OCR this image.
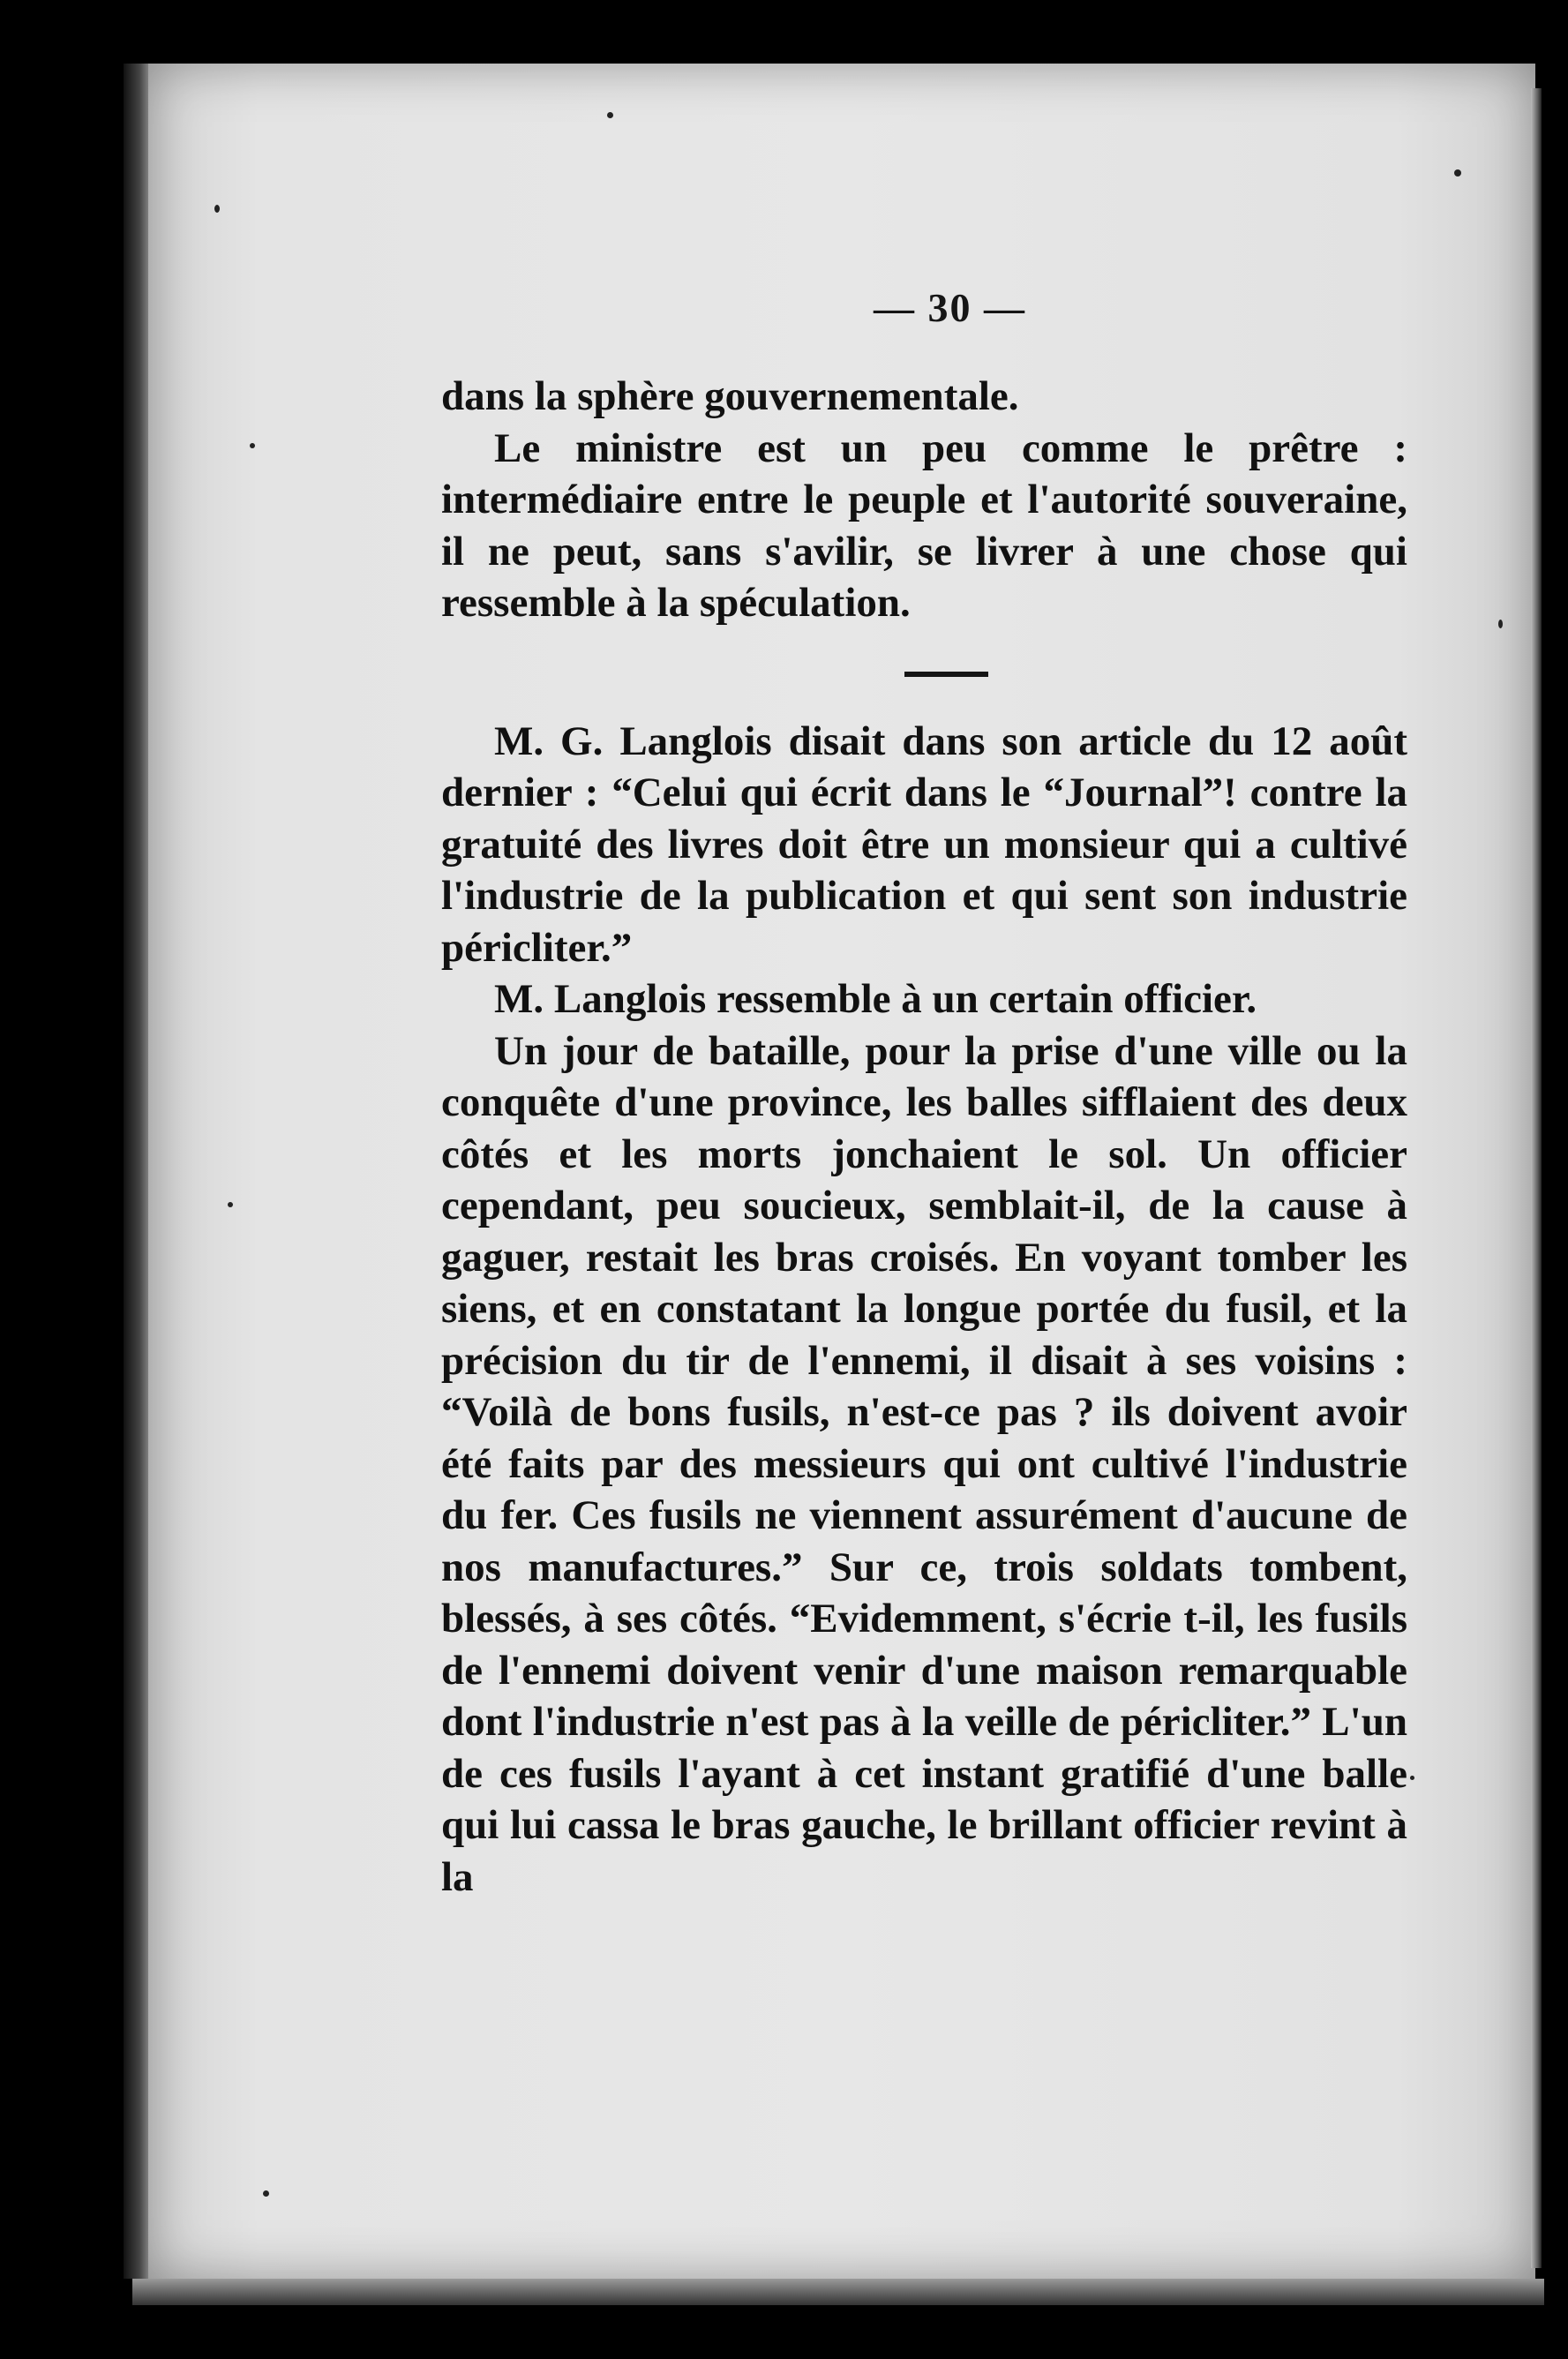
— 30 —

dans la sphère gouvernementale.

Le ministre est un peu comme le prêtre : intermédiaire entre le peuple et l'autorité souveraine, il ne peut, sans s'avilir, se livrer à une chose qui ressemble à la spéculation.

M. G. Langlois disait dans son article du 12 août dernier : “Celui qui écrit dans le “Journal”! contre la gratuité des livres doit être un monsieur qui a cultivé l'industrie de la publication et qui sent son industrie péricliter.”

M. Langlois ressemble à un certain officier.

Un jour de bataille, pour la prise d'une ville ou la conquête d'une province, les balles sifflaient des deux côtés et les morts jonchaient le sol. Un officier cependant, peu soucieux, semblait-il, de la cause à gaguer, restait les bras croisés. En voyant tomber les siens, et en constatant la longue portée du fusil, et la précision du tir de l'ennemi, il disait à ses voisins : “Voilà de bons fusils, n'est-ce pas ? ils doivent avoir été faits par des messieurs qui ont cultivé l'industrie du fer. Ces fusils ne viennent assurément d'aucune de nos manufactures.” Sur ce, trois soldats tombent, blessés, à ses côtés. “Evidemment, s'écrie t-il, les fusils de l'ennemi doivent venir d'une maison remarquable dont l'industrie n'est pas à la veille de péricliter.” L'un de ces fusils l'ayant à cet instant gratifié d'une balle qui lui cassa le bras gauche, le brillant officier revint à la
